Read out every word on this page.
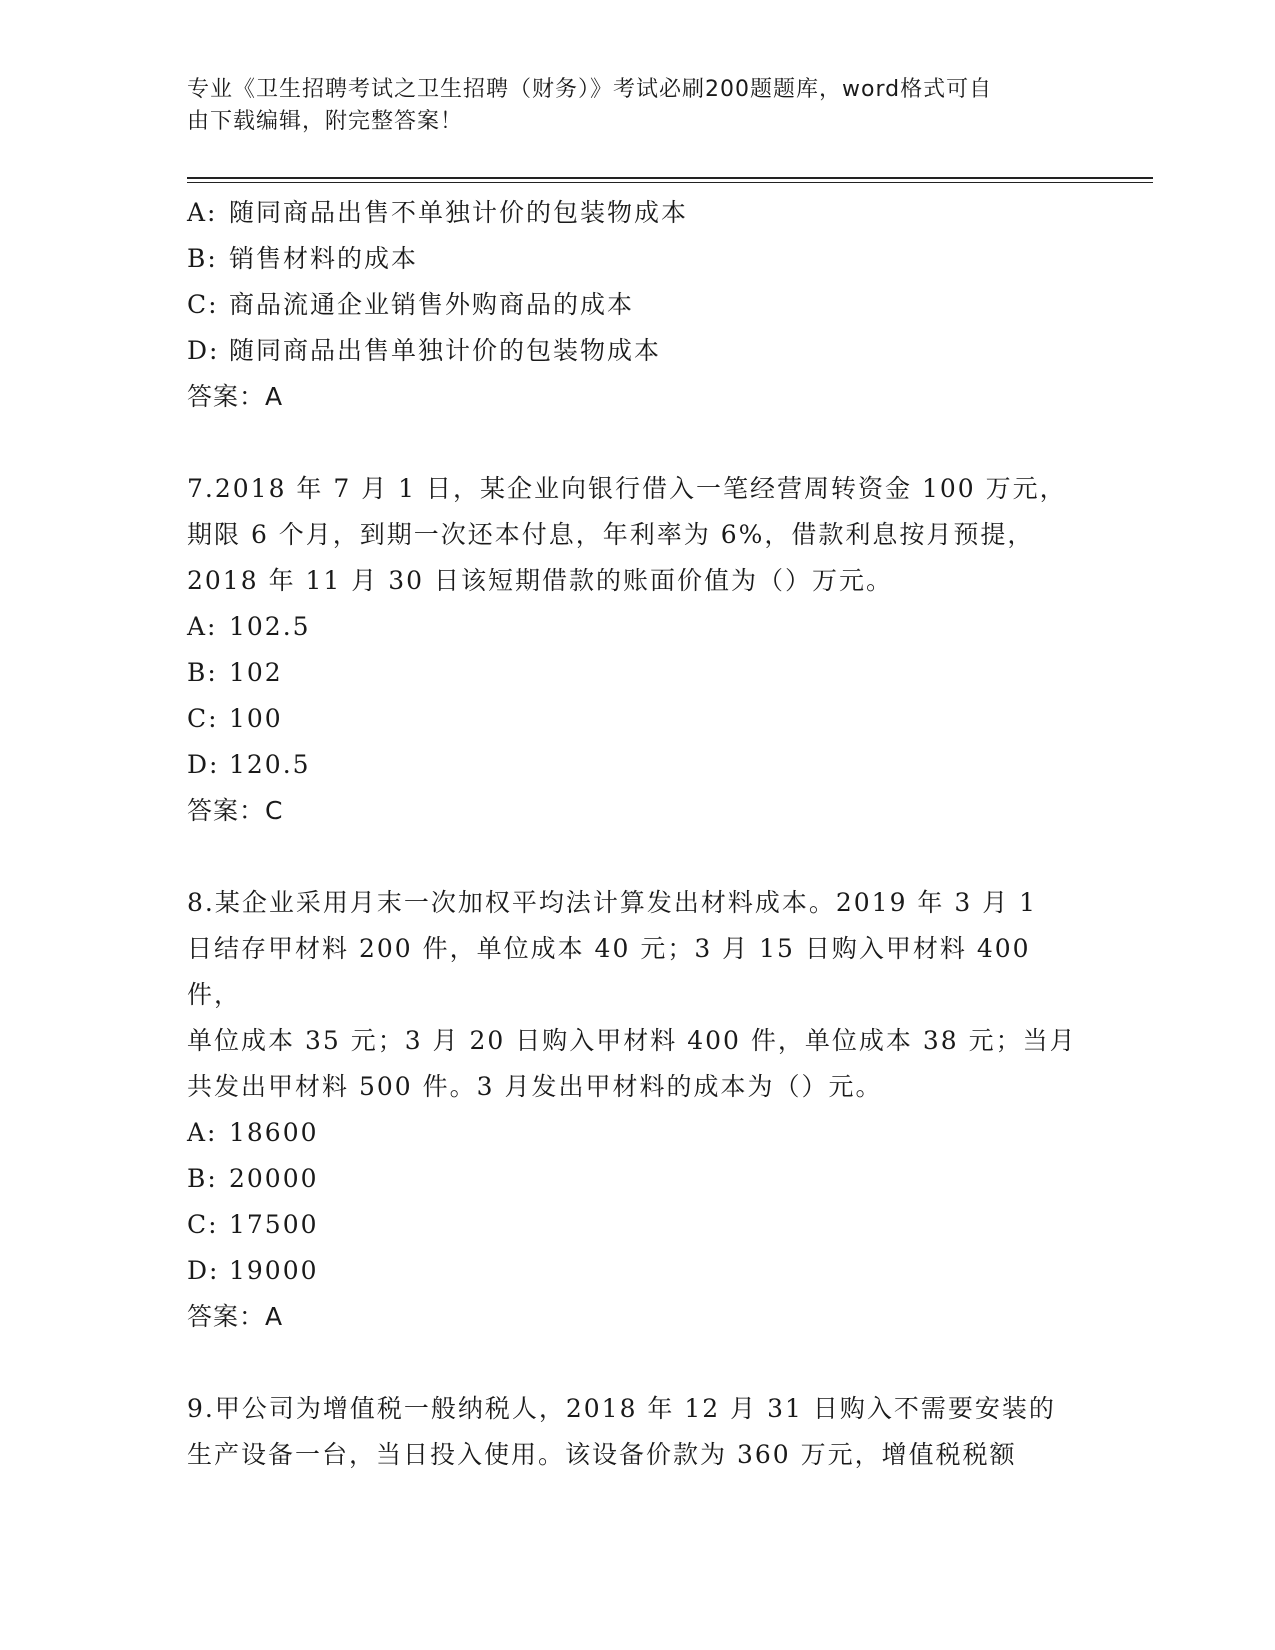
专业《卫生招聘考试之卫生招聘（财务）》考试必刷200题题库，word格式可自
由下载编辑，附完整答案！
A: 随同商品出售不单独计价的包装物成本
B: 销售材料的成本
C: 商品流通企业销售外购商品的成本
D: 随同商品出售单独计价的包装物成本
答案：A
7.2018 年 7 月 1 日，某企业向银行借入一笔经营周转资金 100 万元，
期限 6 个月，到期一次还本付息，年利率为 6%，借款利息按月预提，
2018 年 11 月 30 日该短期借款的账面价值为（）万元。
A: 102.5
B: 102
C: 100
D: 120.5
答案：C
8.某企业采用月末一次加权平均法计算发出材料成本。2019 年 3 月 1
日结存甲材料 200 件，单位成本 40 元；3 月 15 日购入甲材料 400 件，
单位成本 35 元；3 月 20 日购入甲材料 400 件，单位成本 38 元；当月
共发出甲材料 500 件。3 月发出甲材料的成本为（）元。
A: 18600
B: 20000
C: 17500
D: 19000
答案：A
9.甲公司为增值税一般纳税人，2018 年 12 月 31 日购入不需要安装的
生产设备一台，当日投入使用。该设备价款为 360 万元，增值税税额
